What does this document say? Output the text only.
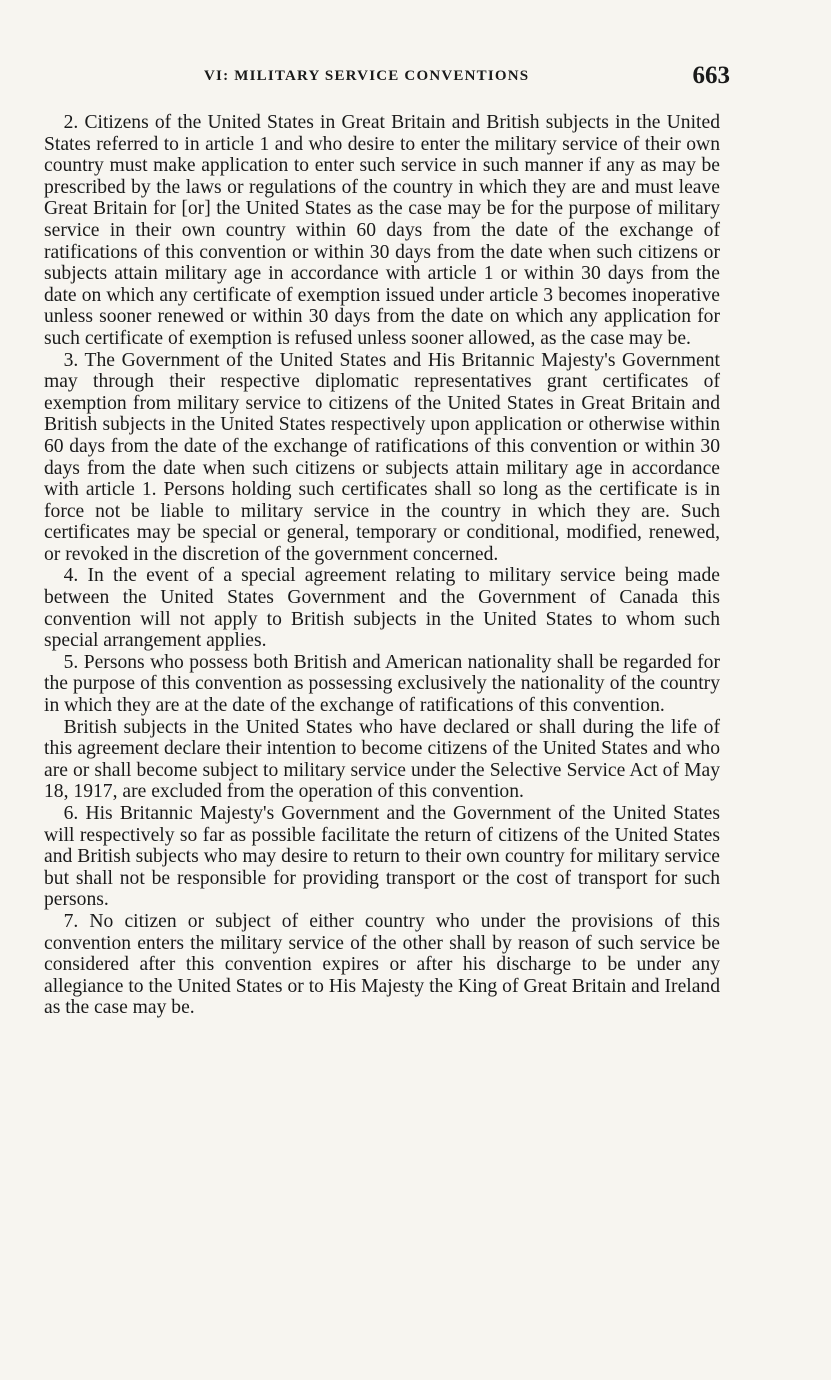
VI: MILITARY SERVICE CONVENTIONS	663

2. Citizens of the United States in Great Britain and British subjects in the United States referred to in article 1 and who desire to enter the military service of their own country must make application to enter such service in such manner if any as may be prescribed by the laws or regulations of the country in which they are and must leave Great Britain for [or] the United States as the case may be for the purpose of military service in their own country within 60 days from the date of the exchange of ratifications of this convention or within 30 days from the date when such citizens or subjects attain military age in accordance with article 1 or within 30 days from the date on which any certificate of exemption issued under article 3 becomes inoperative unless sooner renewed or within 30 days from the date on which any application for such certificate of exemption is refused unless sooner allowed, as the case may be.

3. The Government of the United States and His Britannic Majesty's Government may through their respective diplomatic representatives grant certificates of exemption from military service to citizens of the United States in Great Britain and British subjects in the United States respectively upon application or otherwise within 60 days from the date of the exchange of ratifications of this convention or within 30 days from the date when such citizens or subjects attain military age in accordance with article 1. Persons holding such certificates shall so long as the certificate is in force not be liable to military service in the country in which they are. Such certificates may be special or general, temporary or conditional, modified, renewed, or revoked in the discretion of the government concerned.

4. In the event of a special agreement relating to military service being made between the United States Government and the Government of Canada this convention will not apply to British subjects in the United States to whom such special arrangement applies.

5. Persons who possess both British and American nationality shall be regarded for the purpose of this convention as possessing exclusively the nationality of the country in which they are at the date of the exchange of ratifications of this convention.

British subjects in the United States who have declared or shall during the life of this agreement declare their intention to become citizens of the United States and who are or shall become subject to military service under the Selective Service Act of May 18, 1917, are excluded from the operation of this convention.

6. His Britannic Majesty's Government and the Government of the United States will respectively so far as possible facilitate the return of citizens of the United States and British subjects who may desire to return to their own country for military service but shall not be responsible for providing transport or the cost of transport for such persons.

7. No citizen or subject of either country who under the provisions of this convention enters the military service of the other shall by reason of such service be considered after this convention expires or after his discharge to be under any allegiance to the United States or to His Majesty the King of Great Britain and Ireland as the case may be.
